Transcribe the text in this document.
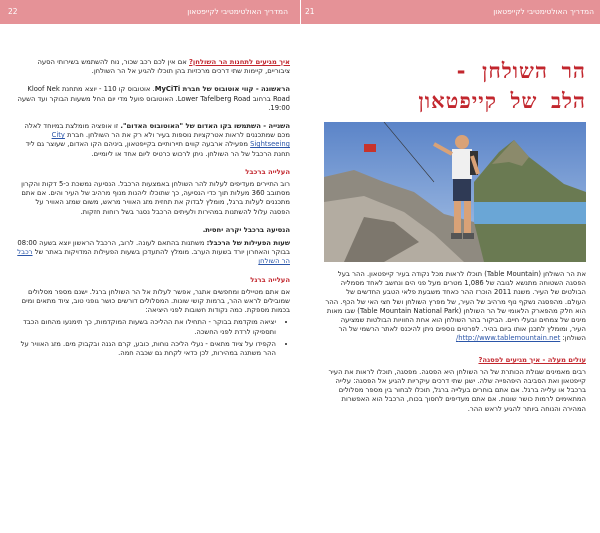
22	המדריך האולטימטיבי לקייפטאון 21	המדריך האולטימטיבי לקייפטאון

איך מגיעים לתחנות הר השולחן? אם אין לכם רכב שכור, נוח להשתמש בשירותי הסעה ציבוריים, קיימות שתי דרכים מרכזיות בהן תוכלו להגיע אל הר השולחן.

הראשונה - קווי אוטובוס של חברת MyCiTi. אוטובוס קו 110 - יוצא מתחנת Kloof Nek Road ברחוב Lower Tafelberg Road. האוטובוס פועל מדי יום החל משעות הבוקר ועד השעה 19:00.

השנייה - השתמשו בקו האדום של "האוטובוס האדום". זו אופציה מומלצת במיוחד לאלה מכם שמתכננים לראות אטרקציות נוספות בעיר ולא רק את הר השולחן. חברת City Sightseeing מפעילה ארבעה קווים תיירותיים בקייפטאון, ביניהם הקו האדום, שעוצר גם ליד תחנת הרכבל של הר השולחן. ניתן לרכוש כרטיס ליום אחד או ליומיים.

העלייה ברכבל

רוב התיירים מעדיפים לעלות להר השולחן באמצעות הרכבל. הנסיעה נמשכת כ-5 דקות והקרון מסתובב 360 מעלות תוך כדי הנסיעה, כך שתוכלו ליהנות מנוף מרהיב של העיר והים. אם אתם מתכננים לעלות ברגל, מומלץ לבדוק את תחזית מזג האוויר מראש, משום שמזג האוויר על הפסגה עלול להשתנות במהירות ולעיתים הרכבל נסגר בשל רוחות חזקות.

הנסיעה ברכבל יקרה יחסית.

שעות הפעילות של הרכבל: משתנות בהתאם לעונה. לרוב, הרכבל הראשון יוצא בשעה 08:00 בבוקר והאחרון יורד בשעות הערב. מומלץ להתעדכן בשעות הפעילות המדויקות באתר של רכבל הר השולחן

העלייה ברגל

אם אתם מטיילים ומחפשים אתגר, אפשר לעלות אל הר השולחן ברגל. ישנם מספר מסלולים שמובילים לראש ההר, ברמות קושי שונות. המסלולים דורשים כושר גופני טוב, ציוד מתאים ומים בכמות מספקת. כמה נקודות חשובות לפני היציאה:

• יציאה מוקדמת בבוקר - התחילו את ההליכה בשעות המוקדמות, כך תימנעו מהחום הכבד ותספיקו לרדת לפני החשכה.
• הקפידו על ציוד מתאים - נעלי הליכה נוחות, כובע, קרם הגנה ובקבוק מים. מזג האוויר על ההר משתנה במהירות, לכן כדאי לקחת גם שכבה חמה.
הר השולחן -
הלב של קייפטאון

את הר השולחן (Table Mountain) תוכלו לראות מכל נקודה בעיר קייפטאון. ההר בעל הפסגה השטוחה מתנשא לגובה של 1,086 מטרים מעל פני הים ונחשב לאחד מסמליה הבולטים של העיר. משנת 2011 הוכרז ההר כאחד משבעת פלאי הטבע החדשים של העולם. מהפסגה נשקף נוף מרהיב של העיר, של מפרץ השולחן ושל חצי האי של הכף. ההר הוא חלק מהפארק הלאומי של הר השולחן (Table Mountain National Park) שבו מאות מינים של צמחים ובעלי חיים. הביקור בהר השולחן הוא אחת החוויות הבולטות שמציעה העיר, ומומלץ לתכנן אותו ביום בהיר. לפרטים נוספים ניתן להיכנס לאתר הרשמי של הר השולחן: http://www.tablemountain.net/

עולים מעלה - איך מגיעים לפסגה?

רבים מאמינים שגולת הכותרת של הר השולחן היא הפסגה. מפסגה, תוכלו לראות את העיר קייפטאון ואת הסביבה היפהפייה שלה. ישנן שתי דרכים עיקריות להגיע אל הפסגה: עלייה ברכבל או עלייה ברגל. אם אתם בוחרים בעלייה ברגל, תוכלו לבחור בין מספר מסלולים המתאימים לרמות כושר שונות. אם אתם מעדיפים לחסוך בכוח, הרכבל הוא האפשרות המהירה והנוחה ביותר להגיע לראש ההר.
